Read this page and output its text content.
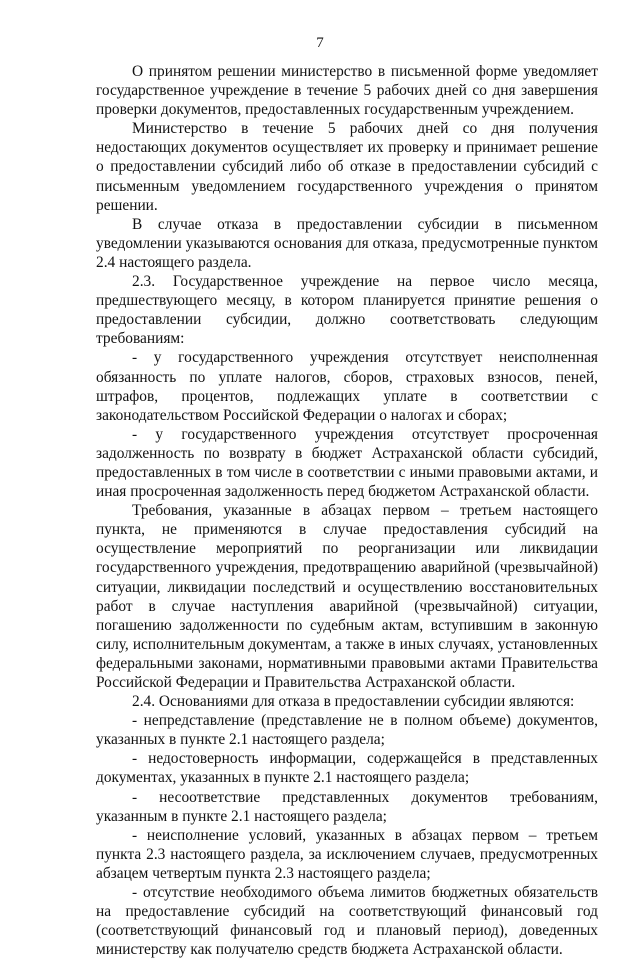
7

О принятом решении министерство в письменной форме уведомляет государственное учреждение в течение 5 рабочих дней со дня завершения проверки документов, предоставленных государственным учреждением.

Министерство в течение 5 рабочих дней со дня получения недостающих документов осуществляет их проверку и принимает решение о предоставлении субсидий либо об отказе в предоставлении субсидий с письменным уведомлением государственного учреждения о принятом решении.

В случае отказа в предоставлении субсидии в письменном уведомлении указываются основания для отказа, предусмотренные пунктом 2.4 настоящего раздела.

2.3. Государственное учреждение на первое число месяца, предшествующего месяцу, в котором планируется принятие решения о предоставлении субсидии, должно соответствовать следующим требованиям:

- у государственного учреждения отсутствует неисполненная обязанность по уплате налогов, сборов, страховых взносов, пеней, штрафов, процентов, подлежащих уплате в соответствии с законодательством Российской Федерации о налогах и сборах;

- у государственного учреждения отсутствует просроченная задолженность по возврату в бюджет Астраханской области субсидий, предоставленных в том числе в соответствии с иными правовыми актами, и иная просроченная задолженность перед бюджетом Астраханской области.

Требования, указанные в абзацах первом – третьем настоящего пункта, не применяются в случае предоставления субсидий на осуществление мероприятий по реорганизации или ликвидации государственного учреждения, предотвращению аварийной (чрезвычайной) ситуации, ликвидации последствий и осуществлению восстановительных работ в случае наступления аварийной (чрезвычайной) ситуации, погашению задолженности по судебным актам, вступившим в законную силу, исполнительным документам, а также в иных случаях, установленных федеральными законами, нормативными правовыми актами Правительства Российской Федерации и Правительства Астраханской области.

2.4. Основаниями для отказа в предоставлении субсидии являются:

- непредставление (представление не в полном объеме) документов, указанных в пункте 2.1 настоящего раздела;

- недостоверность информации, содержащейся в представленных документах, указанных в пункте 2.1 настоящего раздела;

- несоответствие представленных документов требованиям, указанным в пункте 2.1 настоящего раздела;

- неисполнение условий, указанных в абзацах первом – третьем пункта 2.3 настоящего раздела, за исключением случаев, предусмотренных абзацем четвертым пункта 2.3 настоящего раздела;

- отсутствие необходимого объема лимитов бюджетных обязательств на предоставление субсидий на соответствующий финансовый год (соответствующий финансовый год и плановый период), доведенных министерству как получателю средств бюджета Астраханской области.
